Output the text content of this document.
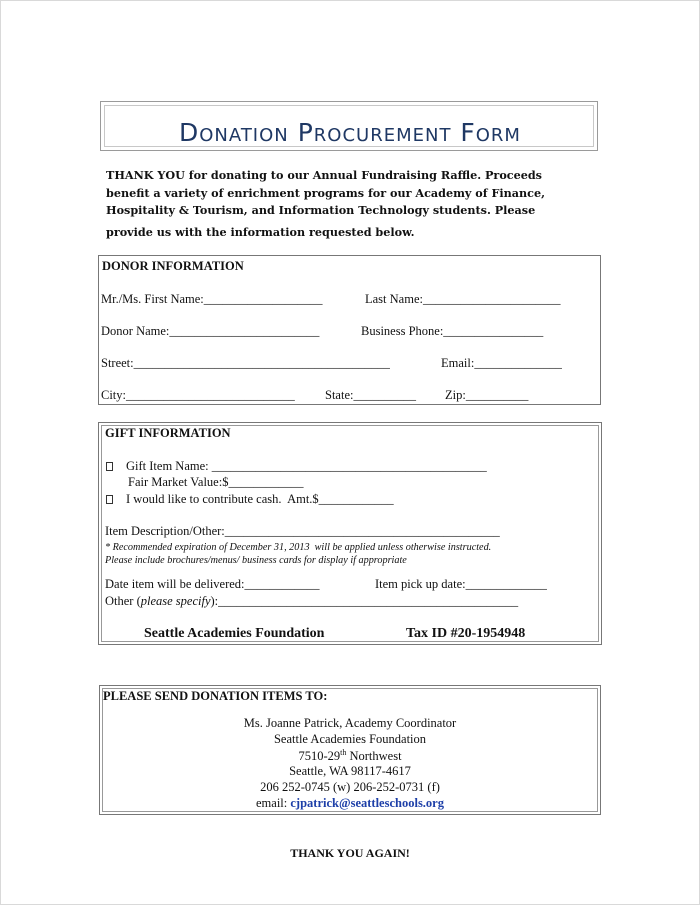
Donation Procurement Form
THANK YOU for donating to our Annual Fundraising Raffle. Proceeds
benefit a variety of enrichment programs for our Academy of Finance,
Hospitality & Tourism, and Information Technology students. Please
provide us with the information requested below.
DONOR INFORMATION
Mr./Ms. First Name:___________________	Last Name:______________________
Donor Name:________________________	Business Phone:________________
Street:_________________________________________	Email:______________
City:___________________________ State:__________ Zip:__________
GIFT INFORMATION
Gift Item Name: ____________________________________________
Fair Market Value:$____________
I would like to contribute cash.  Amt.$____________
Item Description/Other:____________________________________________
* Recommended expiration of December 31, 2013  will be applied unless otherwise instructed.
Please include brochures/menus/ business cards for display if appropriate
Date item will be delivered:____________	Item pick up date:_____________
Other (please specify):________________________________________________
Seattle Academies Foundation	Tax ID #20-1954948
PLEASE SEND DONATION ITEMS TO:
Ms. Joanne Patrick, Academy Coordinator
Seattle Academies Foundation
7510-29th Northwest
Seattle, WA 98117-4617
206 252-0745 (w) 206-252-0731 (f)
email: cjpatrick@seattleschools.org
THANK YOU AGAIN!
